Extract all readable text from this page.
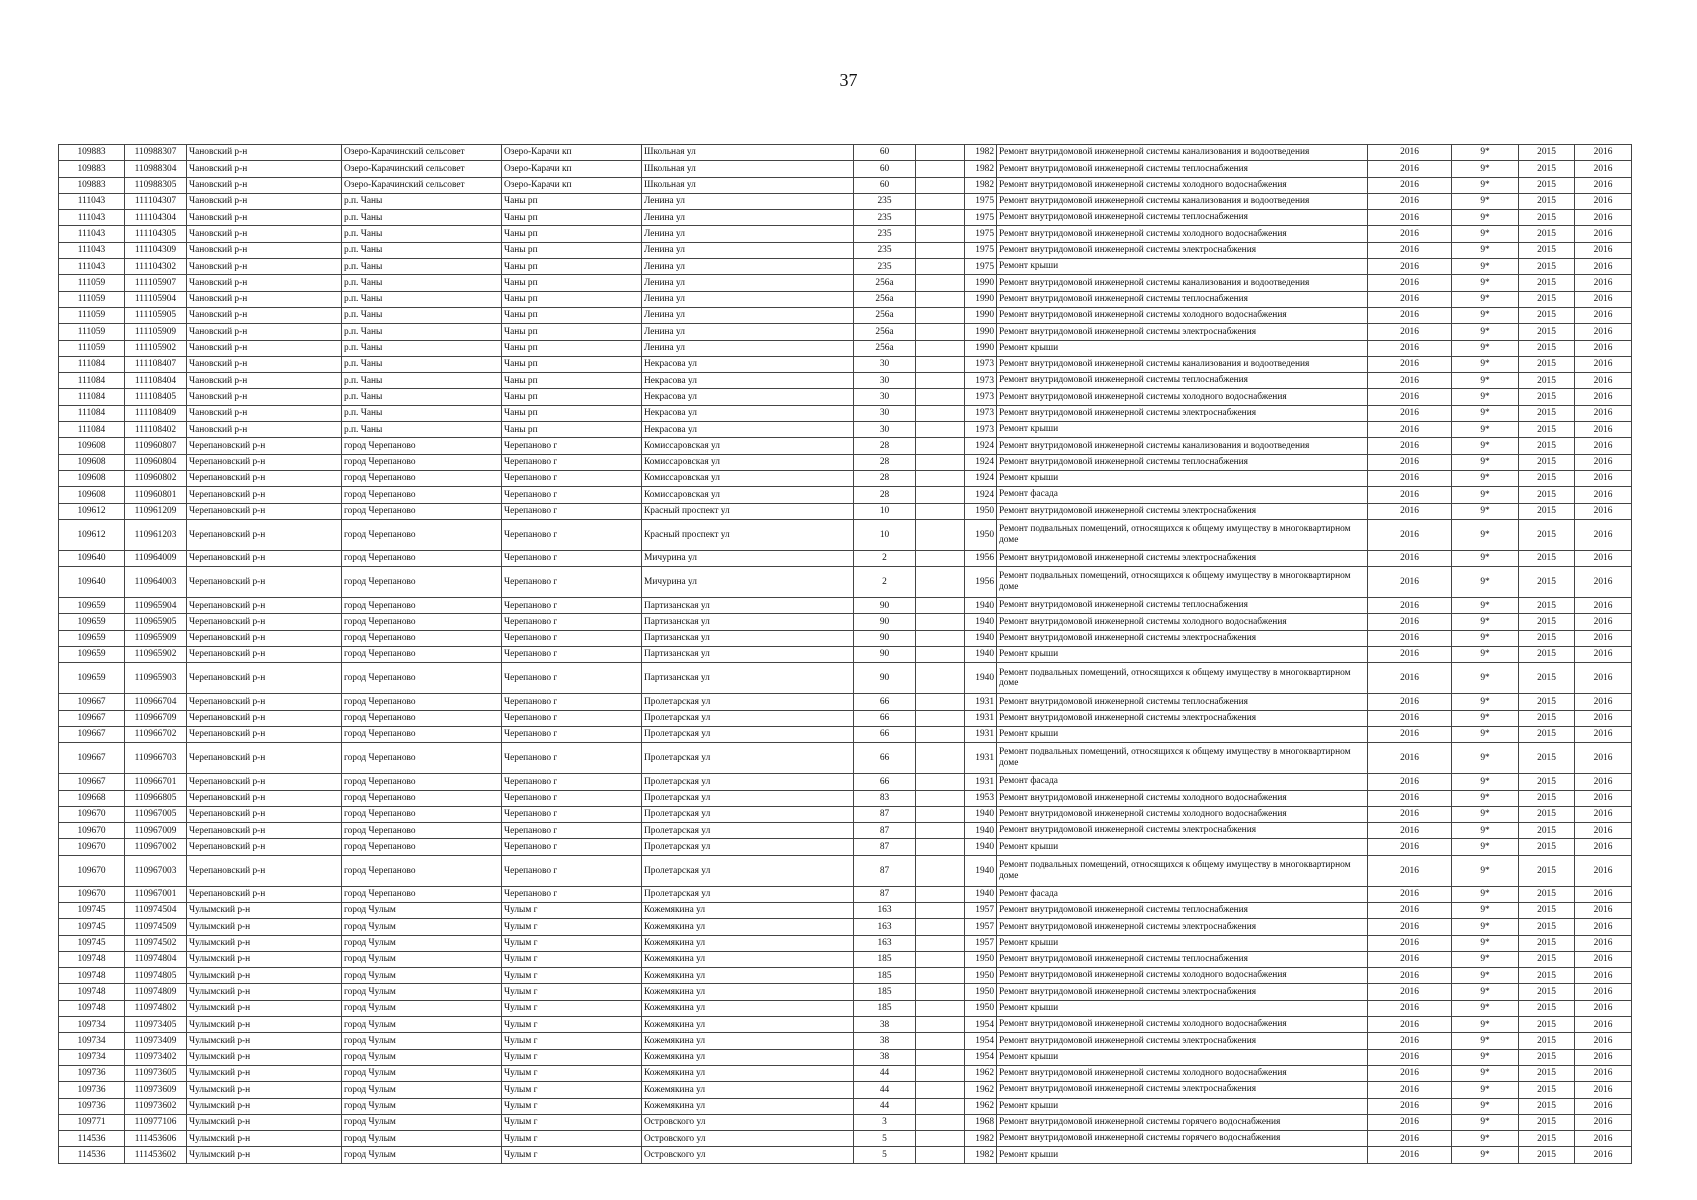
37
109883	110988307	Чановский р-н	Озеро-Карачинский сельсовет	Озеро-Карачи кп	Школьная ул	60		1982	Ремонт внутридомовой инженерной системы канализования и водоотведения	2016	9*	2015	2016
109883	110988304	Чановский р-н	Озеро-Карачинский сельсовет	Озеро-Карачи кп	Школьная ул	60		1982	Ремонт внутридомовой инженерной системы теплоснабжения	2016	9*	2015	2016
109883	110988305	Чановский р-н	Озеро-Карачинский сельсовет	Озеро-Карачи кп	Школьная ул	60		1982	Ремонт внутридомовой инженерной системы холодного водоснабжения	2016	9*	2015	2016
111043	111104307	Чановский р-н	р.п. Чаны	Чаны рп	Ленина ул	235		1975	Ремонт внутридомовой инженерной системы канализования и водоотведения	2016	9*	2015	2016
111043	111104304	Чановский р-н	р.п. Чаны	Чаны рп	Ленина ул	235		1975	Ремонт внутридомовой инженерной системы теплоснабжения	2016	9*	2015	2016
111043	111104305	Чановский р-н	р.п. Чаны	Чаны рп	Ленина ул	235		1975	Ремонт внутридомовой инженерной системы холодного водоснабжения	2016	9*	2015	2016
111043	111104309	Чановский р-н	р.п. Чаны	Чаны рп	Ленина ул	235		1975	Ремонт внутридомовой инженерной системы электроснабжения	2016	9*	2015	2016
111043	111104302	Чановский р-н	р.п. Чаны	Чаны рп	Ленина ул	235		1975	Ремонт крыши	2016	9*	2015	2016
111059	111105907	Чановский р-н	р.п. Чаны	Чаны рп	Ленина ул	256а		1990	Ремонт внутридомовой инженерной системы канализования и водоотведения	2016	9*	2015	2016
111059	111105904	Чановский р-н	р.п. Чаны	Чаны рп	Ленина ул	256а		1990	Ремонт внутридомовой инженерной системы теплоснабжения	2016	9*	2015	2016
111059	111105905	Чановский р-н	р.п. Чаны	Чаны рп	Ленина ул	256а		1990	Ремонт внутридомовой инженерной системы холодного водоснабжения	2016	9*	2015	2016
111059	111105909	Чановский р-н	р.п. Чаны	Чаны рп	Ленина ул	256а		1990	Ремонт внутридомовой инженерной системы электроснабжения	2016	9*	2015	2016
111059	111105902	Чановский р-н	р.п. Чаны	Чаны рп	Ленина ул	256а		1990	Ремонт крыши	2016	9*	2015	2016
111084	111108407	Чановский р-н	р.п. Чаны	Чаны рп	Некрасова ул	30		1973	Ремонт внутридомовой инженерной системы канализования и водоотведения	2016	9*	2015	2016
111084	111108404	Чановский р-н	р.п. Чаны	Чаны рп	Некрасова ул	30		1973	Ремонт внутридомовой инженерной системы теплоснабжения	2016	9*	2015	2016
111084	111108405	Чановский р-н	р.п. Чаны	Чаны рп	Некрасова ул	30		1973	Ремонт внутридомовой инженерной системы холодного водоснабжения	2016	9*	2015	2016
111084	111108409	Чановский р-н	р.п. Чаны	Чаны рп	Некрасова ул	30		1973	Ремонт внутридомовой инженерной системы электроснабжения	2016	9*	2015	2016
111084	111108402	Чановский р-н	р.п. Чаны	Чаны рп	Некрасова ул	30		1973	Ремонт крыши	2016	9*	2015	2016
109608	110960807	Черепановский р-н	город Черепаново	Черепаново г	Комиссаровская ул	28		1924	Ремонт внутридомовой инженерной системы канализования и водоотведения	2016	9*	2015	2016
109608	110960804	Черепановский р-н	город Черепаново	Черепаново г	Комиссаровская ул	28		1924	Ремонт внутридомовой инженерной системы теплоснабжения	2016	9*	2015	2016
109608	110960802	Черепановский р-н	город Черепаново	Черепаново г	Комиссаровская ул	28		1924	Ремонт крыши	2016	9*	2015	2016
109608	110960801	Черепановский р-н	город Черепаново	Черепаново г	Комиссаровская ул	28		1924	Ремонт фасада	2016	9*	2015	2016
109612	110961209	Черепановский р-н	город Черепаново	Черепаново г	Красный проспект ул	10		1950	Ремонт внутридомовой инженерной системы электроснабжения	2016	9*	2015	2016
109612	110961203	Черепановский р-н	город Черепаново	Черепаново г	Красный проспект ул	10		1950	Ремонт подвальных помещений, относящихся к общему имуществу в многоквартирном доме	2016	9*	2015	2016
109640	110964009	Черепановский р-н	город Черепаново	Черепаново г	Мичурина ул	2		1956	Ремонт внутридомовой инженерной системы электроснабжения	2016	9*	2015	2016
109640	110964003	Черепановский р-н	город Черепаново	Черепаново г	Мичурина ул	2		1956	Ремонт подвальных помещений, относящихся к общему имуществу в многоквартирном доме	2016	9*	2015	2016
109659	110965904	Черепановский р-н	город Черепаново	Черепаново г	Партизанская ул	90		1940	Ремонт внутридомовой инженерной системы теплоснабжения	2016	9*	2015	2016
109659	110965905	Черепановский р-н	город Черепаново	Черепаново г	Партизанская ул	90		1940	Ремонт внутридомовой инженерной системы холодного водоснабжения	2016	9*	2015	2016
109659	110965909	Черепановский р-н	город Черепаново	Черепаново г	Партизанская ул	90		1940	Ремонт внутридомовой инженерной системы электроснабжения	2016	9*	2015	2016
109659	110965902	Черепановский р-н	город Черепаново	Черепаново г	Партизанская ул	90		1940	Ремонт крыши	2016	9*	2015	2016
109659	110965903	Черепановский р-н	город Черепаново	Черепаново г	Партизанская ул	90		1940	Ремонт подвальных помещений, относящихся к общему имуществу в многоквартирном доме	2016	9*	2015	2016
109667	110966704	Черепановский р-н	город Черепаново	Черепаново г	Пролетарская ул	66		1931	Ремонт внутридомовой инженерной системы теплоснабжения	2016	9*	2015	2016
109667	110966709	Черепановский р-н	город Черепаново	Черепаново г	Пролетарская ул	66		1931	Ремонт внутридомовой инженерной системы электроснабжения	2016	9*	2015	2016
109667	110966702	Черепановский р-н	город Черепаново	Черепаново г	Пролетарская ул	66		1931	Ремонт крыши	2016	9*	2015	2016
109667	110966703	Черепановский р-н	город Черепаново	Черепаново г	Пролетарская ул	66		1931	Ремонт подвальных помещений, относящихся к общему имуществу в многоквартирном доме	2016	9*	2015	2016
109667	110966701	Черепановский р-н	город Черепаново	Черепаново г	Пролетарская ул	66		1931	Ремонт фасада	2016	9*	2015	2016
109668	110966805	Черепановский р-н	город Черепаново	Черепаново г	Пролетарская ул	83		1953	Ремонт внутридомовой инженерной системы холодного водоснабжения	2016	9*	2015	2016
109670	110967005	Черепановский р-н	город Черепаново	Черепаново г	Пролетарская ул	87		1940	Ремонт внутридомовой инженерной системы холодного водоснабжения	2016	9*	2015	2016
109670	110967009	Черепановский р-н	город Черепаново	Черепаново г	Пролетарская ул	87		1940	Ремонт внутридомовой инженерной системы электроснабжения	2016	9*	2015	2016
109670	110967002	Черепановский р-н	город Черепаново	Черепаново г	Пролетарская ул	87		1940	Ремонт крыши	2016	9*	2015	2016
109670	110967003	Черепановский р-н	город Черепаново	Черепаново г	Пролетарская ул	87		1940	Ремонт подвальных помещений, относящихся к общему имуществу в многоквартирном доме	2016	9*	2015	2016
109670	110967001	Черепановский р-н	город Черепаново	Черепаново г	Пролетарская ул	87		1940	Ремонт фасада	2016	9*	2015	2016
109745	110974504	Чулымский р-н	город Чулым	Чулым г	Кожемякина ул	163		1957	Ремонт внутридомовой инженерной системы теплоснабжения	2016	9*	2015	2016
109745	110974509	Чулымский р-н	город Чулым	Чулым г	Кожемякина ул	163		1957	Ремонт внутридомовой инженерной системы электроснабжения	2016	9*	2015	2016
109745	110974502	Чулымский р-н	город Чулым	Чулым г	Кожемякина ул	163		1957	Ремонт крыши	2016	9*	2015	2016
109748	110974804	Чулымский р-н	город Чулым	Чулым г	Кожемякина ул	185		1950	Ремонт внутридомовой инженерной системы теплоснабжения	2016	9*	2015	2016
109748	110974805	Чулымский р-н	город Чулым	Чулым г	Кожемякина ул	185		1950	Ремонт внутридомовой инженерной системы холодного водоснабжения	2016	9*	2015	2016
109748	110974809	Чулымский р-н	город Чулым	Чулым г	Кожемякина ул	185		1950	Ремонт внутридомовой инженерной системы электроснабжения	2016	9*	2015	2016
109748	110974802	Чулымский р-н	город Чулым	Чулым г	Кожемякина ул	185		1950	Ремонт крыши	2016	9*	2015	2016
109734	110973405	Чулымский р-н	город Чулым	Чулым г	Кожемякина ул	38		1954	Ремонт внутридомовой инженерной системы холодного водоснабжения	2016	9*	2015	2016
109734	110973409	Чулымский р-н	город Чулым	Чулым г	Кожемякина ул	38		1954	Ремонт внутридомовой инженерной системы электроснабжения	2016	9*	2015	2016
109734	110973402	Чулымский р-н	город Чулым	Чулым г	Кожемякина ул	38		1954	Ремонт крыши	2016	9*	2015	2016
109736	110973605	Чулымский р-н	город Чулым	Чулым г	Кожемякина ул	44		1962	Ремонт внутридомовой инженерной системы холодного водоснабжения	2016	9*	2015	2016
109736	110973609	Чулымский р-н	город Чулым	Чулым г	Кожемякина ул	44		1962	Ремонт внутридомовой инженерной системы электроснабжения	2016	9*	2015	2016
109736	110973602	Чулымский р-н	город Чулым	Чулым г	Кожемякина ул	44		1962	Ремонт крыши	2016	9*	2015	2016
109771	110977106	Чулымский р-н	город Чулым	Чулым г	Островского ул	3		1968	Ремонт внутридомовой инженерной системы горячего водоснабжения	2016	9*	2015	2016
114536	111453606	Чулымский р-н	город Чулым	Чулым г	Островского ул	5		1982	Ремонт внутридомовой инженерной системы горячего водоснабжения	2016	9*	2015	2016
114536	111453602	Чулымский р-н	город Чулым	Чулым г	Островского ул	5		1982	Ремонт крыши	2016	9*	2015	2016
